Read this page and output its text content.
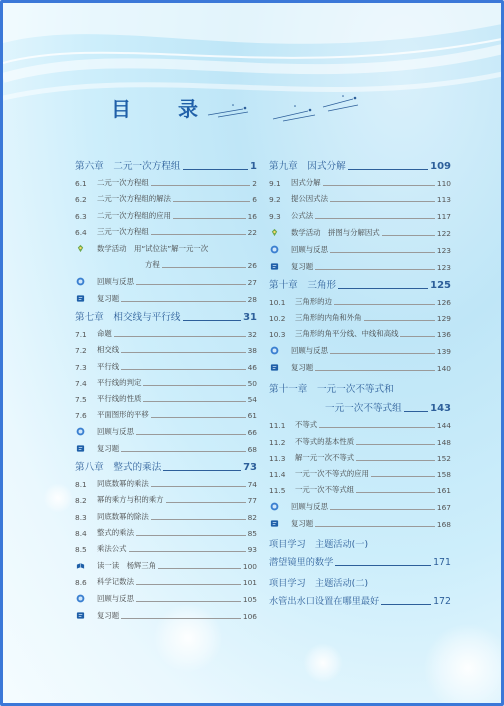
目 录
第六章　二元一次方程组	1
6.1	二元一次方程组	2
6.2	二元一次方程组的解法	6
6.3	二元一次方程组的应用	16
6.4	三元一次方程组	22
数学活动　用“试位法”解一元一次
方程	26
回顾与反思	27
复习题	28
第七章　相交线与平行线	31
7.1	命题	32
7.2	相交线	38
7.3	平行线	46
7.4	平行线的判定	50
7.5	平行线的性质	54
7.6	平面图形的平移	61
回顾与反思	66
复习题	68
第八章　整式的乘法	73
8.1	同底数幂的乘法	74
8.2	幂的乘方与积的乘方	77
8.3	同底数幂的除法	82
8.4	整式的乘法	85
8.5	乘法公式	93
读一读　杨辉三角	100
8.6	科学记数法	101
回顾与反思	105
复习题	106
第九章　因式分解	109
9.1	因式分解	110
9.2	提公因式法	113
9.3	公式法	117
数学活动　拼图与分解因式	122
回顾与反思	123
复习题	123
第十章　三角形	125
10.1	三角形的边	126
10.2	三角形的内角和外角	129
10.3	三角形的角平分线、中线和高线	136
回顾与反思	139
复习题	140
第十一章　一元一次不等式和
一元一次不等式组	143
11.1	不等式	144
11.2	不等式的基本性质	148
11.3	解一元一次不等式	152
11.4	一元一次不等式的应用	158
11.5	一元一次不等式组	161
回顾与反思	167
复习题	168
项目学习　主题活动(一)
潜望镜里的数学	171
项目学习　主题活动(二)
水管出水口设置在哪里最好	172
